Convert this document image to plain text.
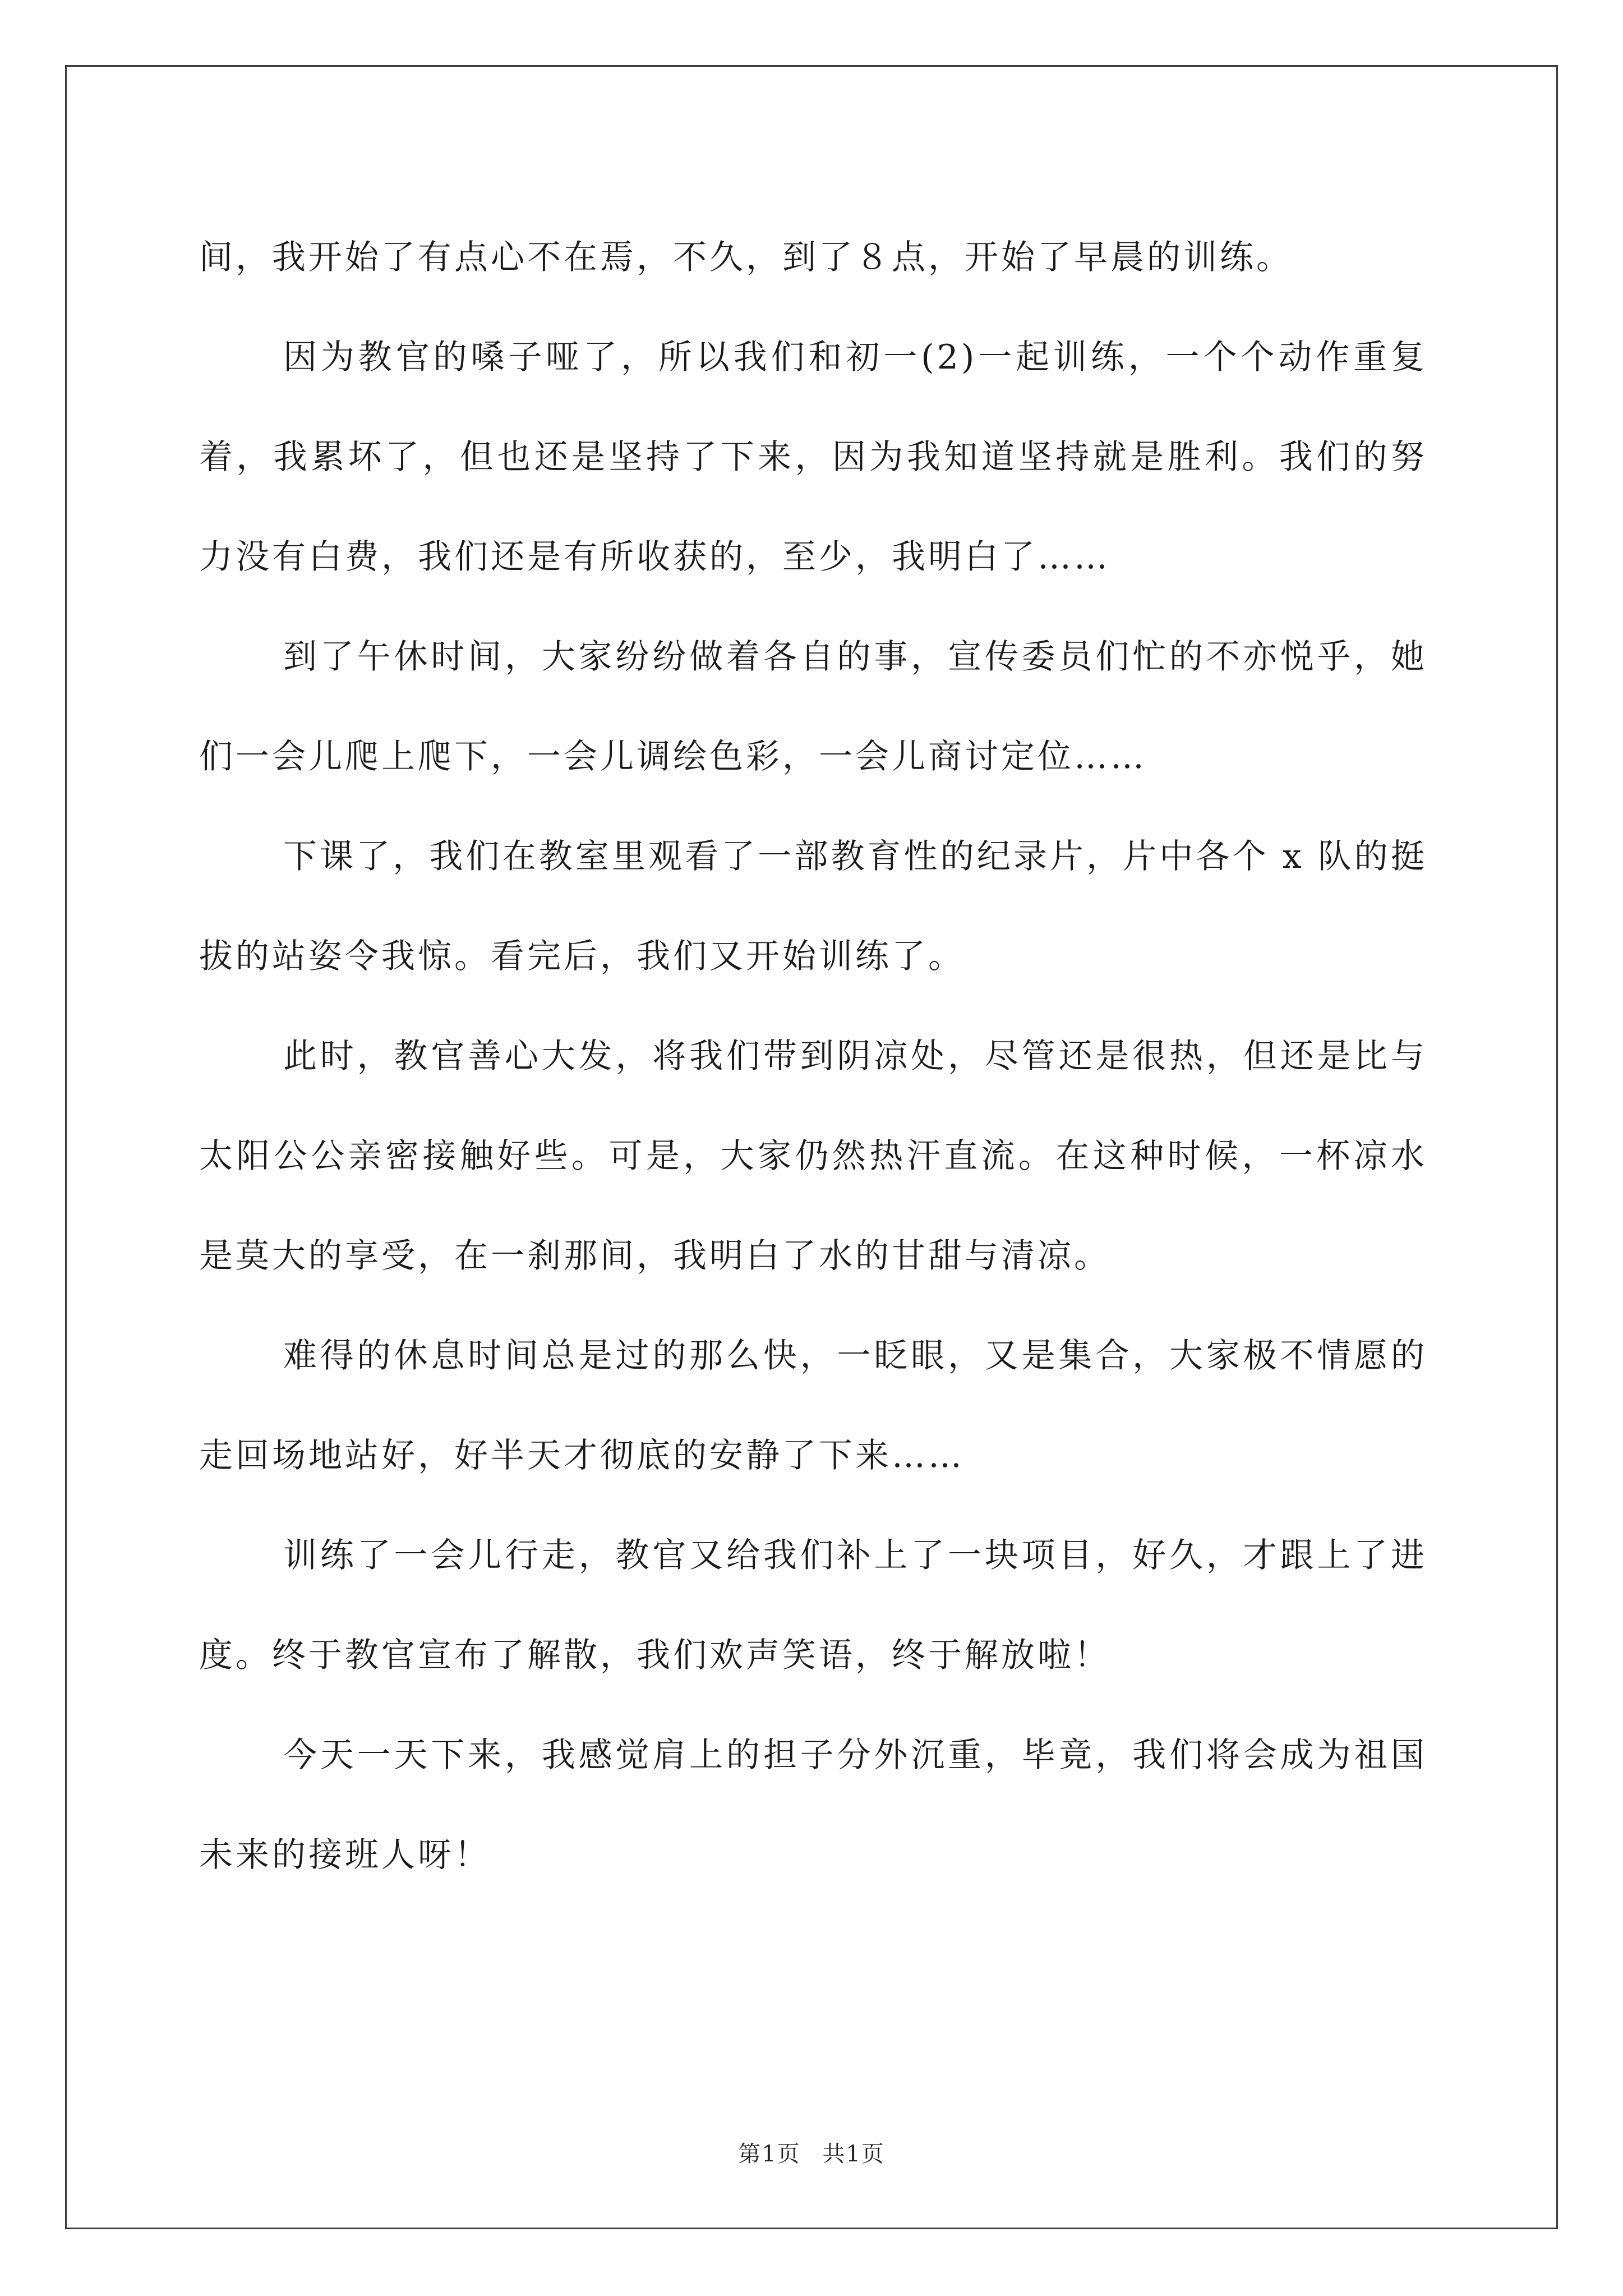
间，我开始了有点心不在焉，不久，到了８点，开始了早晨的训练。

因为教官的嗓子哑了，所以我们和初一(2)一起训练，一个个动作重复着，我累坏了，但也还是坚持了下来，因为我知道坚持就是胜利。我们的努力没有白费，我们还是有所收获的，至少，我明白了……

到了午休时间，大家纷纷做着各自的事，宣传委员们忙的不亦悦乎，她们一会儿爬上爬下，一会儿调绘色彩，一会儿商讨定位……

下课了，我们在教室里观看了一部教育性的纪录片，片中各个 x 队的挺拔的站姿令我惊。看完后，我们又开始训练了。

此时，教官善心大发，将我们带到阴凉处，尽管还是很热，但还是比与太阳公公亲密接触好些。可是，大家仍然热汗直流。在这种时候，一杯凉水是莫大的享受，在一刹那间，我明白了水的甘甜与清凉。

难得的休息时间总是过的那么快，一眨眼，又是集合，大家极不情愿的走回场地站好，好半天才彻底的安静了下来……

训练了一会儿行走，教官又给我们补上了一块项目，好久，才跟上了进度。终于教官宣布了解散，我们欢声笑语，终于解放啦！

今天一天下来，我感觉肩上的担子分外沉重，毕竟，我们将会成为祖国未来的接班人呀！

第1页 共1页
